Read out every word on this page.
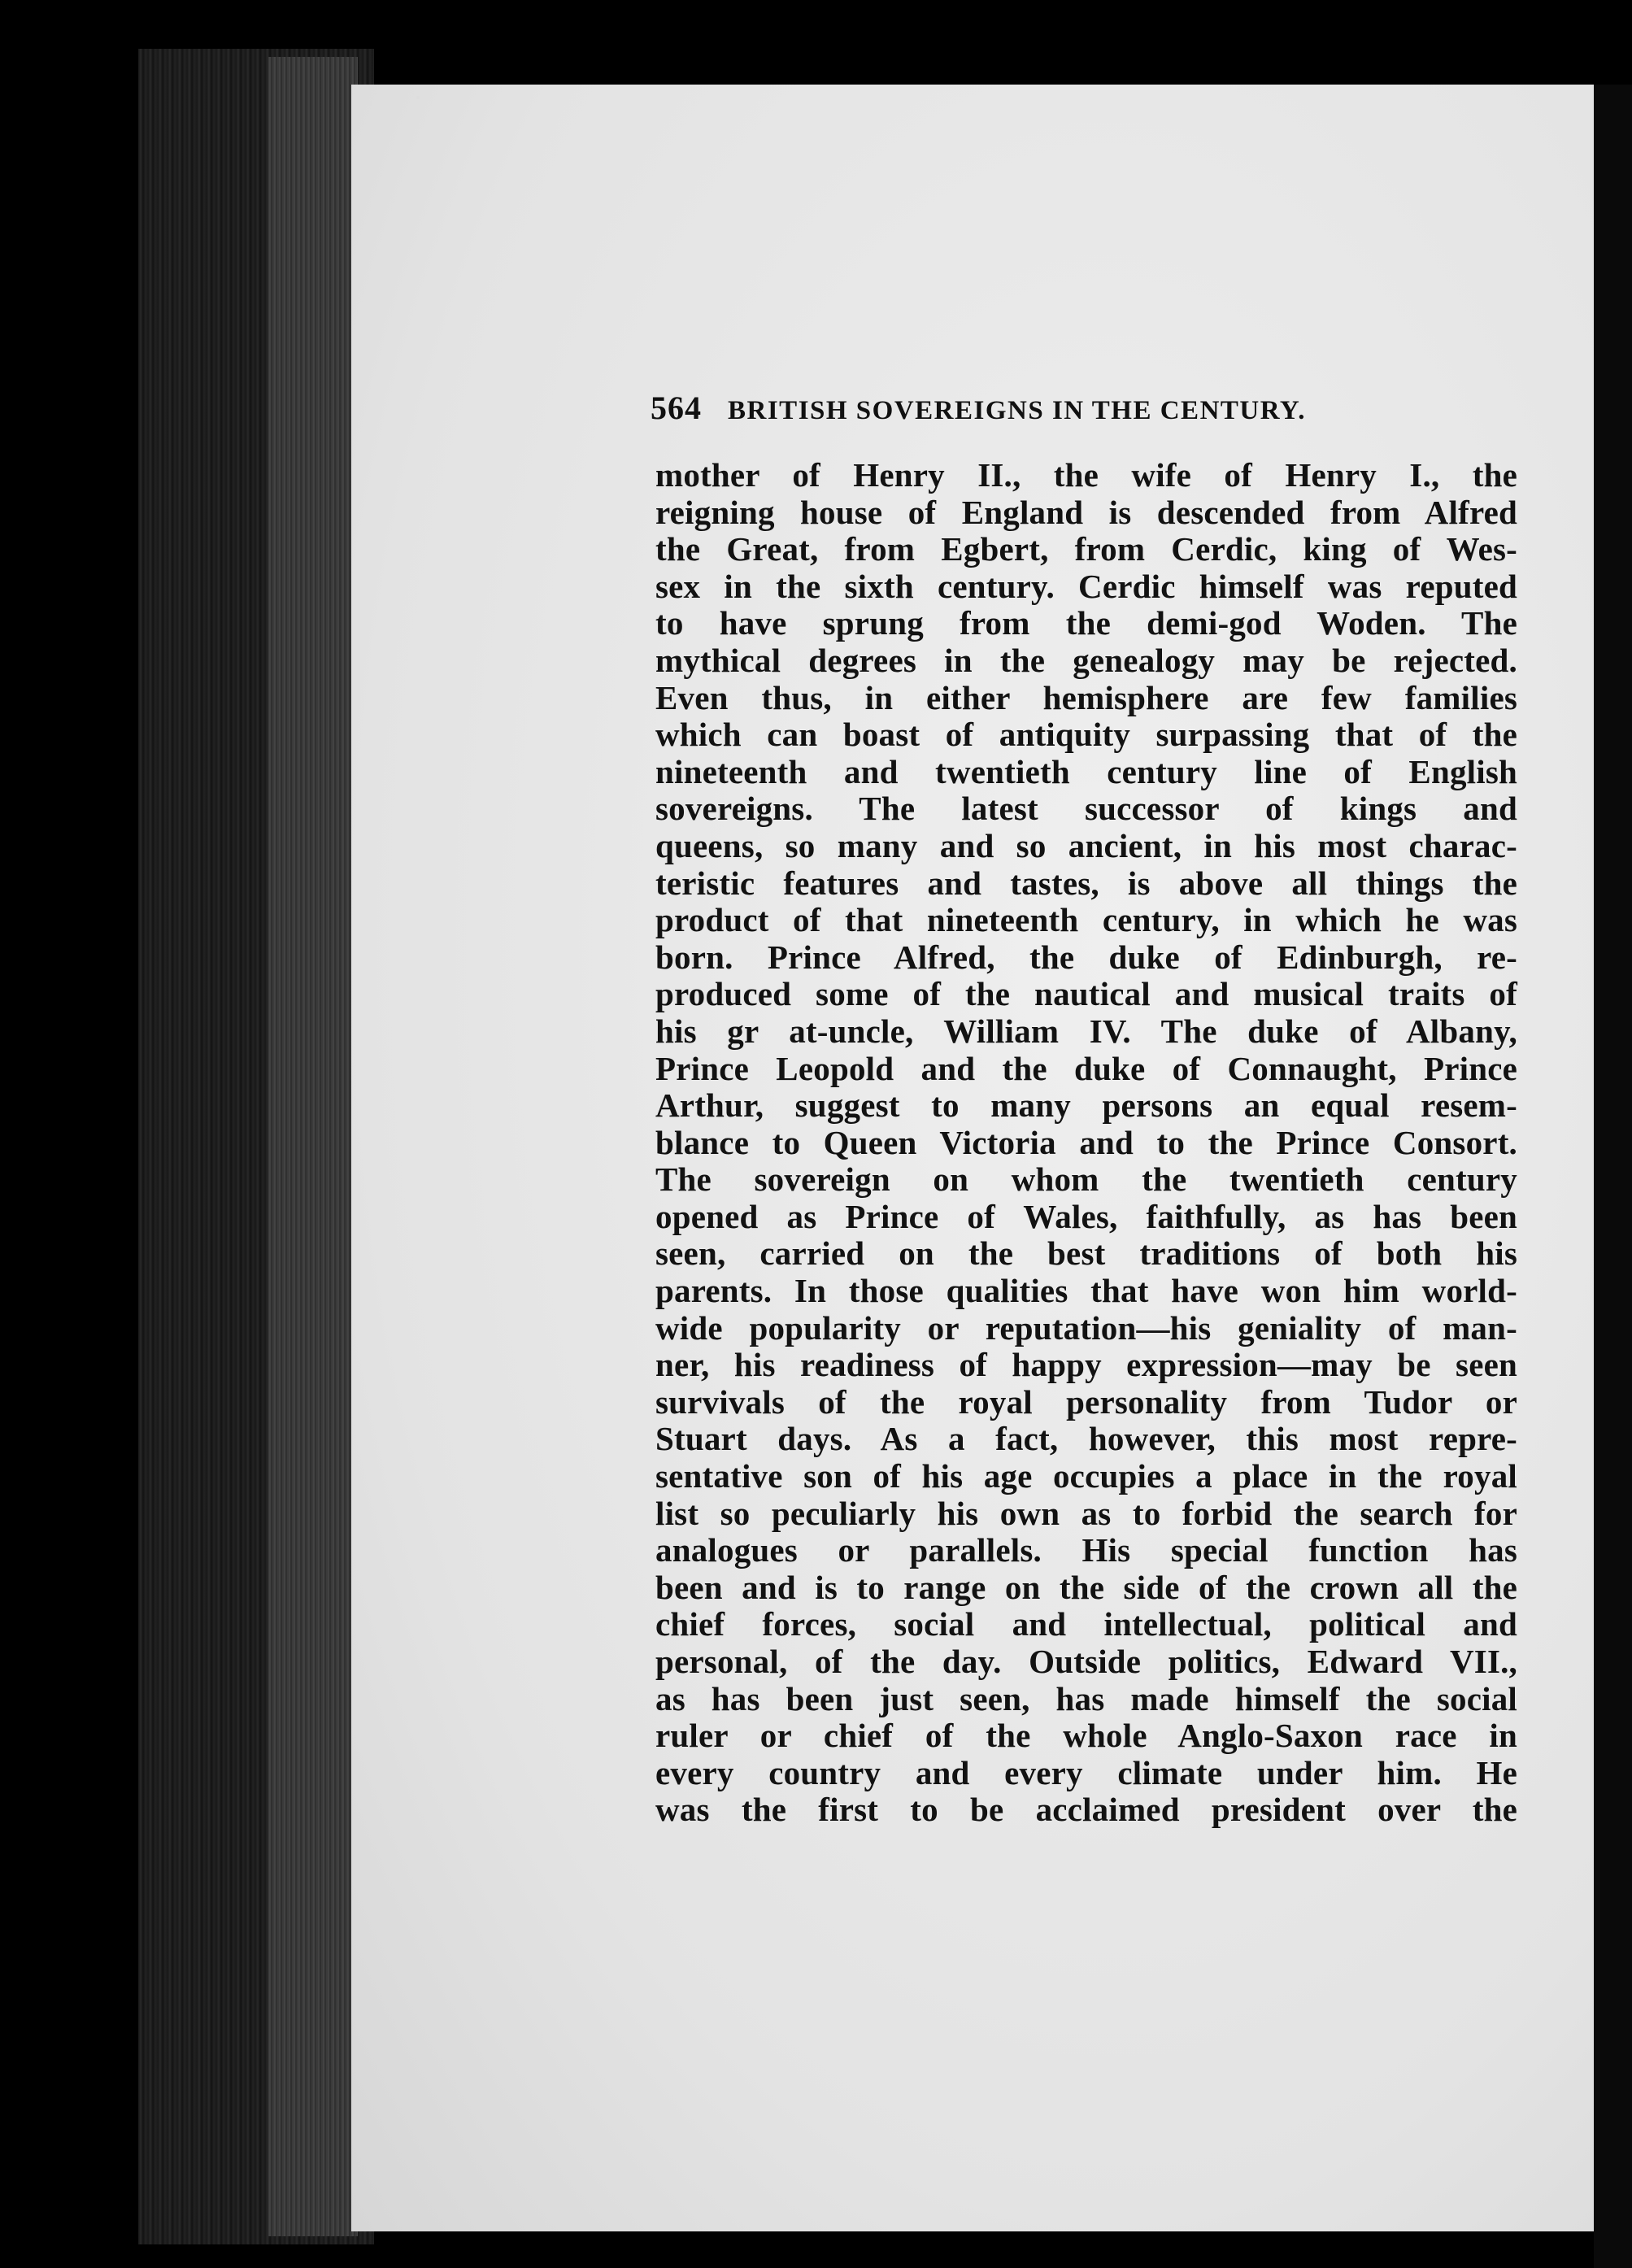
564 BRITISH SOVEREIGNS IN THE CENTURY.
mother of Henry II., the wife of Henry I., the
reigning house of England is descended from Alfred
the Great, from Egbert, from Cerdic, king of Wes-
sex in the sixth century. Cerdic himself was reputed
to have sprung from the demi-god Woden. The
mythical degrees in the genealogy may be rejected.
Even thus, in either hemisphere are few families
which can boast of antiquity surpassing that of the
nineteenth and twentieth century line of English
sovereigns. The latest successor of kings and
queens, so many and so ancient, in his most charac-
teristic features and tastes, is above all things the
product of that nineteenth century, in which he was
born. Prince Alfred, the duke of Edinburgh, re-
produced some of the nautical and musical traits of
his gr at-uncle, William IV. The duke of Albany,
Prince Leopold and the duke of Connaught, Prince
Arthur, suggest to many persons an equal resem-
blance to Queen Victoria and to the Prince Consort.
The sovereign on whom the twentieth century
opened as Prince of Wales, faithfully, as has been
seen, carried on the best traditions of both his
parents. In those qualities that have won him world-
wide popularity or reputation—his geniality of man-
ner, his readiness of happy expression—may be seen
survivals of the royal personality from Tudor or
Stuart days. As a fact, however, this most repre-
sentative son of his age occupies a place in the royal
list so peculiarly his own as to forbid the search for
analogues or parallels. His special function has
been and is to range on the side of the crown all the
chief forces, social and intellectual, political and
personal, of the day. Outside politics, Edward VII.,
as has been just seen, has made himself the social
ruler or chief of the whole Anglo-Saxon race in
every country and every climate under him. He
was the first to be acclaimed president over the
